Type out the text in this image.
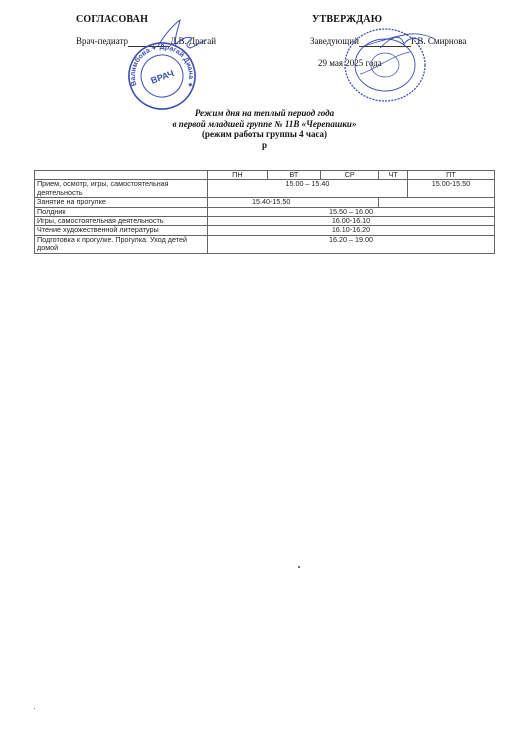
СОГЛАСОВАН
Врач-педиатр	Д.В. Драгай
УТВЕРЖДАЮ
Заведующий	Г.В. Смирнова
29 мая 2025 года
Валимбова ✦ Драгай Диана ✦
ВРАЧ
Режим дня на теплый период года
в первой младшей группе № 11В «Черепашки»
(режим работы группы 4 часа)
р
	ПН	ВТ	СР	ЧТ	ПТ
Прием, осмотр, игры, самостоятельная деятельность	15.00 – 15.40				15.00-15.50
Занятие на прогулке	15.40-15.50				
Полдник	15.50 – 16.00				
Игры, самостоятельная деятельность	16.00-16.10				
Чтение художественной литературы	16.10-16.20				
Подготовка к прогулке. Прогулка. Уход детей домой	16.20 – 19.00				
